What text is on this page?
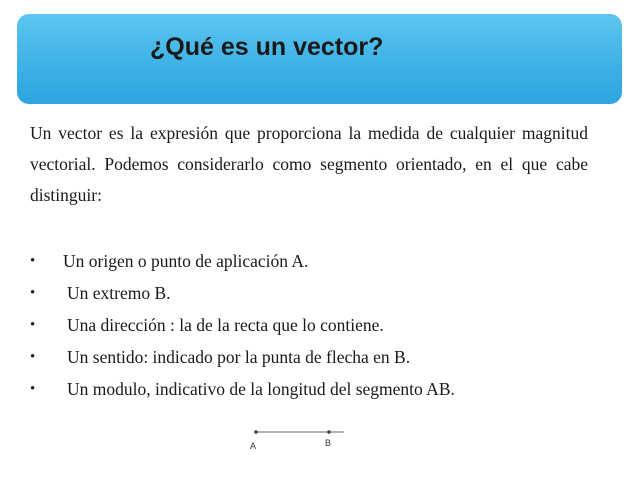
¿Qué es un vector?

Un vector es la expresión que proporciona la medida de cualquier magnitud vectorial. Podemos considerarlo como segmento orientado, en el que cabe distinguir:

• Un origen o punto de aplicación A.
• Un extremo B.
• Una dirección : la de la recta que lo contiene.
• Un sentido: indicado por la punta de flecha en B.
• Un modulo, indicativo de la longitud del segmento AB.
A	B
